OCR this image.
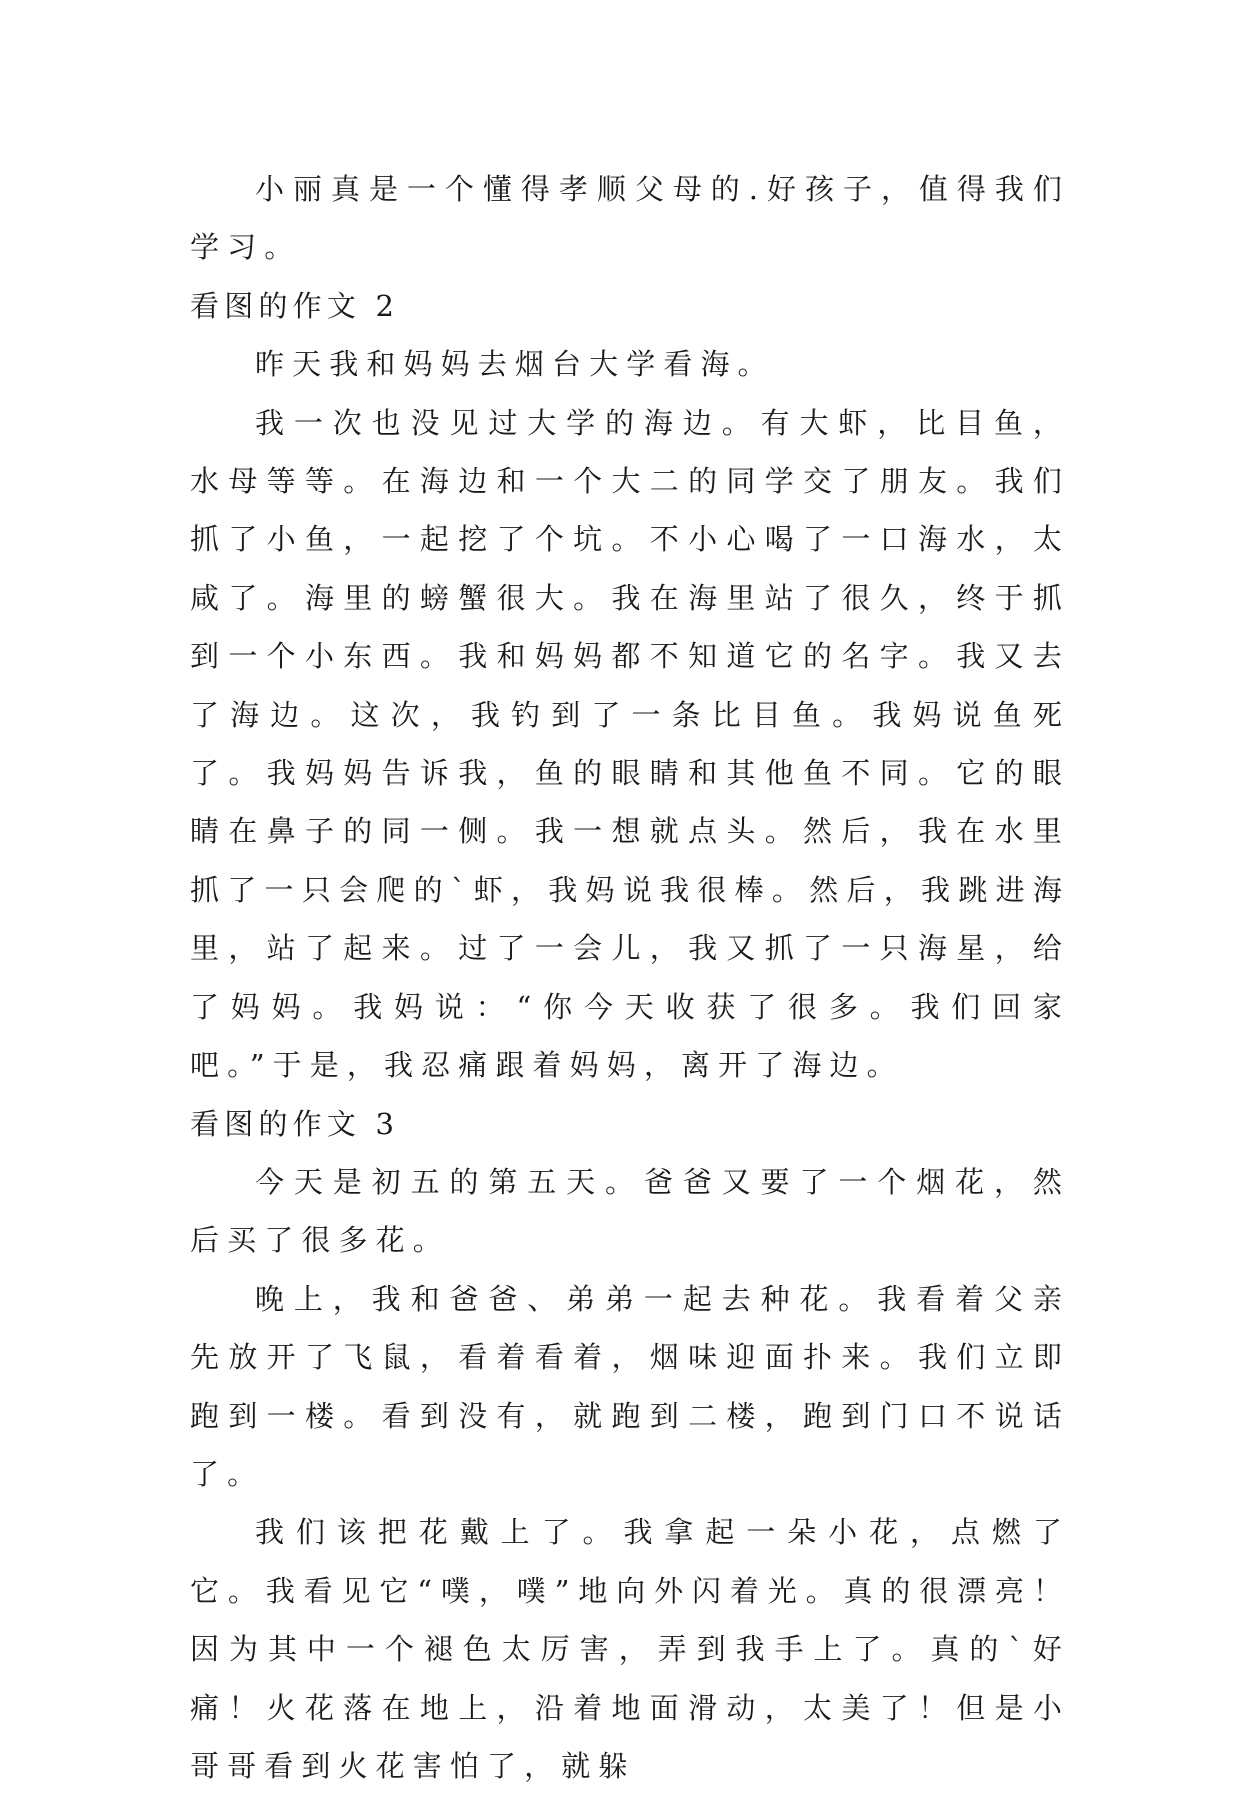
小丽真是一个懂得孝顺父母的.好孩子，值得我们学习。

看图的作文 2

昨天我和妈妈去烟台大学看海。

我一次也没见过大学的海边。有大虾，比目鱼，水母等等。在海边和一个大二的同学交了朋友。我们抓了小鱼，一起挖了个坑。不小心喝了一口海水，太咸了。海里的螃蟹很大。我在海里站了很久，终于抓到一个小东西。我和妈妈都不知道它的名字。我又去了海边。这次，我钓到了一条比目鱼。我妈说鱼死了。我妈妈告诉我，鱼的眼睛和其他鱼不同。它的眼睛在鼻子的同一侧。我一想就点头。然后，我在水里抓了一只会爬的`虾，我妈说我很棒。然后，我跳进海里，站了起来。过了一会儿，我又抓了一只海星，给了妈妈。我妈说：“你今天收获了很多。我们回家吧。”于是，我忍痛跟着妈妈，离开了海边。

看图的作文 3

今天是初五的第五天。爸爸又要了一个烟花，然后买了很多花。

晚上，我和爸爸、弟弟一起去种花。我看着父亲先放开了飞鼠，看着看着，烟味迎面扑来。我们立即跑到一楼。看到没有，就跑到二楼，跑到门口不说话了。

我们该把花戴上了。我拿起一朵小花，点燃了它。我看见它“噗，噗”地向外闪着光。真的很漂亮！因为其中一个褪色太厉害，弄到我手上了。真的`好痛！火花落在地上，沿着地面滑动，太美了！但是小哥哥看到火花害怕了，就躲
